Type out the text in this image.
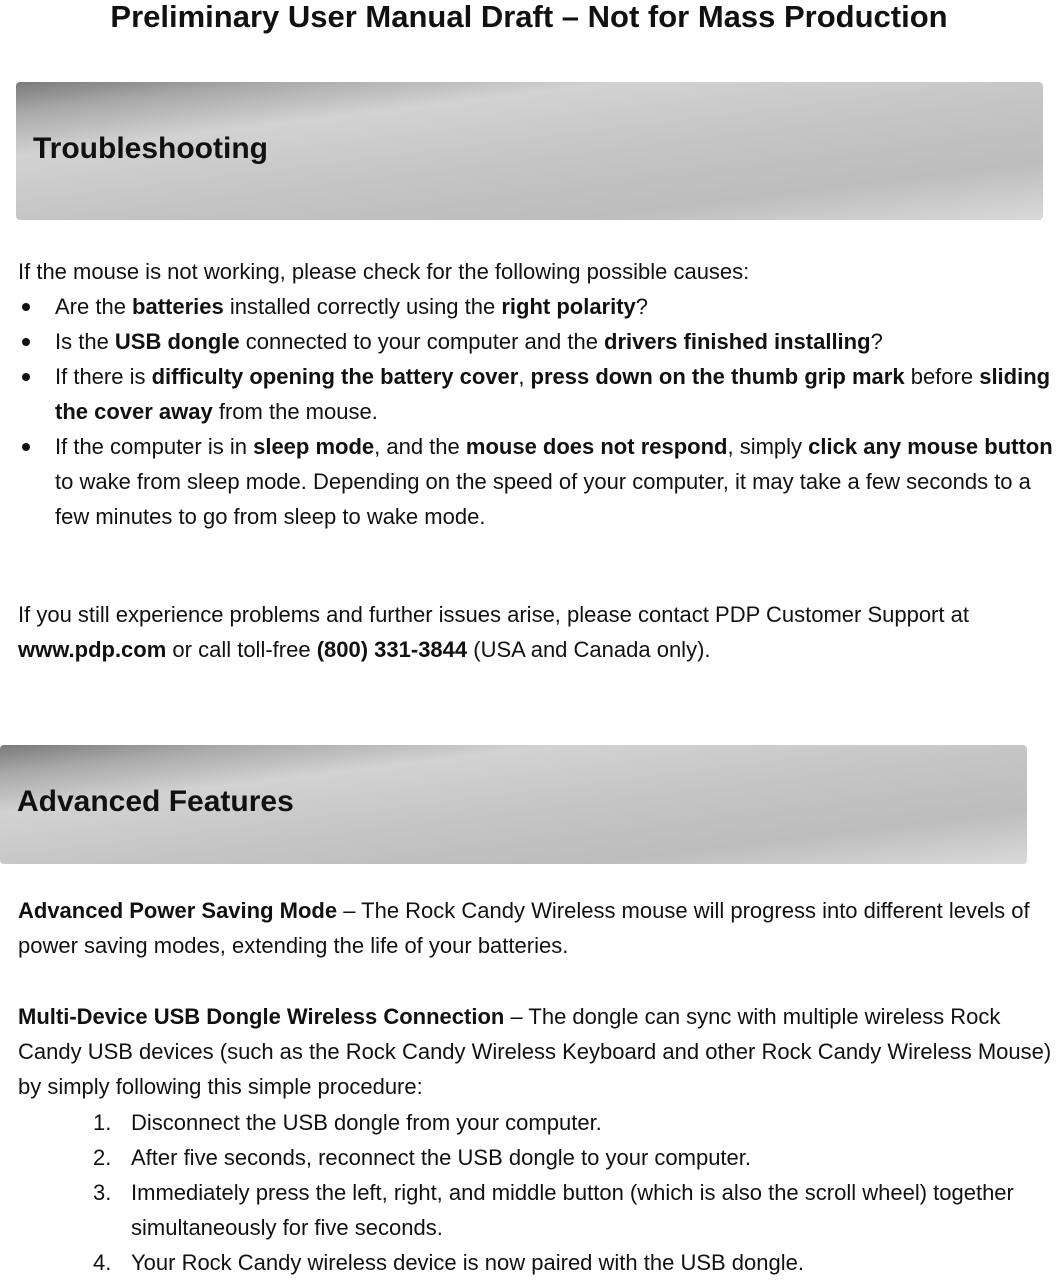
Preliminary User Manual Draft – Not for Mass Production
Troubleshooting
If the mouse is not working, please check for the following possible causes:
Are the batteries installed correctly using the right polarity?
Is the USB dongle connected to your computer and the drivers finished installing?
If there is difficulty opening the battery cover, press down on the thumb grip mark before sliding the cover away from the mouse.
If the computer is in sleep mode, and the mouse does not respond, simply click any mouse button to wake from sleep mode. Depending on the speed of your computer, it may take a few seconds to a few minutes to go from sleep to wake mode.

If you still experience problems and further issues arise, please contact PDP Customer Support at www.pdp.com or call toll-free (800) 331-3844 (USA and Canada only).

Advanced Features

Advanced Power Saving Mode – The Rock Candy Wireless mouse will progress into different levels of power saving modes, extending the life of your batteries.

Multi-Device USB Dongle Wireless Connection – The dongle can sync with multiple wireless Rock Candy USB devices (such as the Rock Candy Wireless Keyboard and other Rock Candy Wireless Mouse) by simply following this simple procedure:

1. Disconnect the USB dongle from your computer.
2. After five seconds, reconnect the USB dongle to your computer.
3. Immediately press the left, right, and middle button (which is also the scroll wheel) together simultaneously for five seconds.
4. Your Rock Candy wireless device is now paired with the USB dongle.
